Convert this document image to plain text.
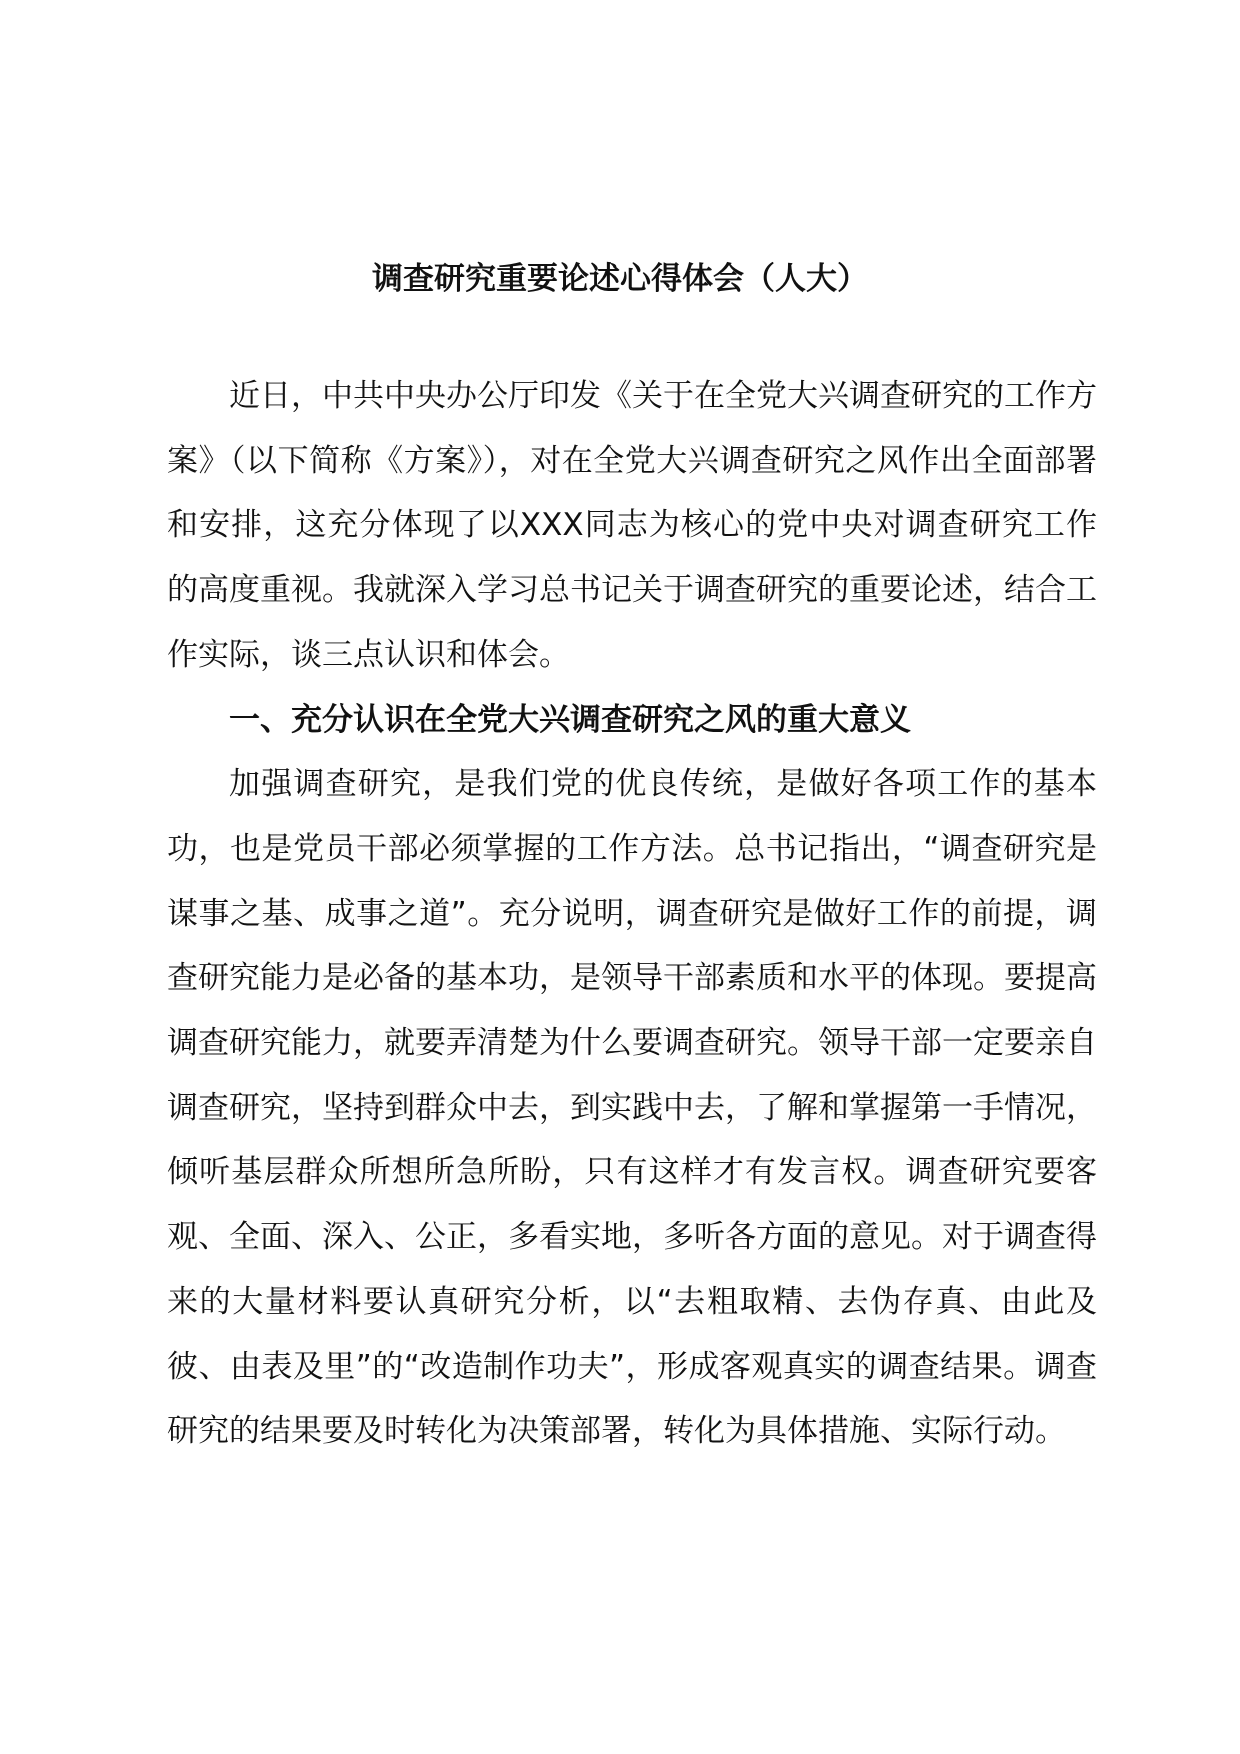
调查研究重要论述心得体会（人大）

近日，中共中央办公厅印发《关于在全党大兴调查研究的工作方案》（以下简称《方案》），对在全党大兴调查研究之风作出全面部署和安排，这充分体现了以XXX同志为核心的党中央对调查研究工作的高度重视。我就深入学习总书记关于调查研究的重要论述，结合工作实际，谈三点认识和体会。

一、充分认识在全党大兴调查研究之风的重大意义

加强调查研究，是我们党的优良传统，是做好各项工作的基本功，也是党员干部必须掌握的工作方法。总书记指出，“调查研究是谋事之基、成事之道”。充分说明，调查研究是做好工作的前提，调查研究能力是必备的基本功，是领导干部素质和水平的体现。要提高调查研究能力，就要弄清楚为什么要调查研究。领导干部一定要亲自调查研究，坚持到群众中去，到实践中去，了解和掌握第一手情况，倾听基层群众所想所急所盼，只有这样才有发言权。调查研究要客观、全面、深入、公正，多看实地，多听各方面的意见。对于调查得来的大量材料要认真研究分析，以“去粗取精、去伪存真、由此及彼、由表及里”的“改造制作功夫”，形成客观真实的调查结果。调查研究的结果要及时转化为决策部署，转化为具体措施、实际行动。
